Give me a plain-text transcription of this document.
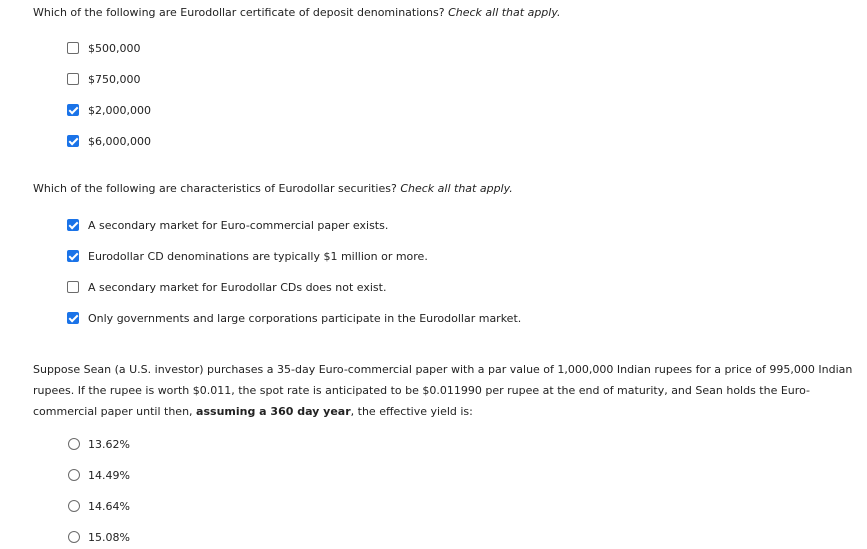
Which of the following are Eurodollar certificate of deposit denominations? Check all that apply.
$500,000
$750,000
$2,000,000
$6,000,000
Which of the following are characteristics of Eurodollar securities? Check all that apply.
A secondary market for Euro-commercial paper exists.
Eurodollar CD denominations are typically $1 million or more.
A secondary market for Eurodollar CDs does not exist.
Only governments and large corporations participate in the Eurodollar market.
Suppose Sean (a U.S. investor) purchases a 35-day Euro-commercial paper with a par value of 1,000,000 Indian rupees for a price of 995,000 Indian rupees. If the rupee is worth $0.011, the spot rate is anticipated to be $0.011990 per rupee at the end of maturity, and Sean holds the Euro-commercial paper until then, assuming a 360 day year, the effective yield is:
13.62%
14.49%
14.64%
15.08%
